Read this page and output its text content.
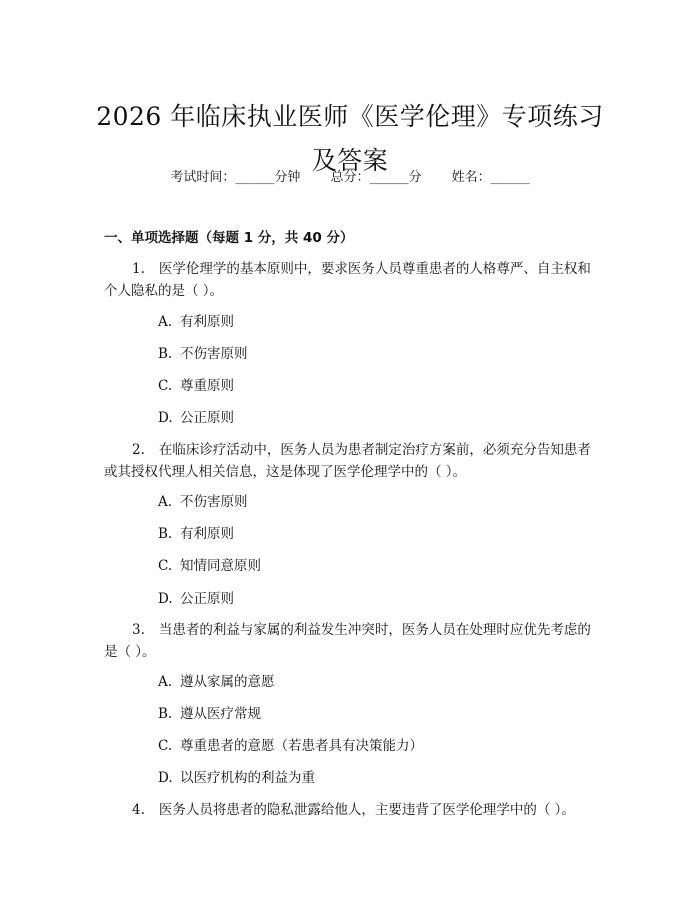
2026 年临床执业医师《医学伦理》专项练习
及答案
考试时间：______分钟 总分：______分 姓名：______
一、单项选择题（每题 1 分，共 40 分）
1. 医学伦理学的基本原则中，要求医务人员尊重患者的人格尊严、自主权和个人隐私的是（ ）。
A. 有利原则
B. 不伤害原则
C. 尊重原则
D. 公正原则
2. 在临床诊疗活动中，医务人员为患者制定治疗方案前，必须充分告知患者或其授权代理人相关信息，这是体现了医学伦理学中的（ ）。
A. 不伤害原则
B. 有利原则
C. 知情同意原则
D. 公正原则
3. 当患者的利益与家属的利益发生冲突时，医务人员在处理时应优先考虑的是（ ）。
A. 遵从家属的意愿
B. 遵从医疗常规
C. 尊重患者的意愿（若患者具有决策能力）
D. 以医疗机构的利益为重
4. 医务人员将患者的隐私泄露给他人，主要违背了医学伦理学中的（ ）。
